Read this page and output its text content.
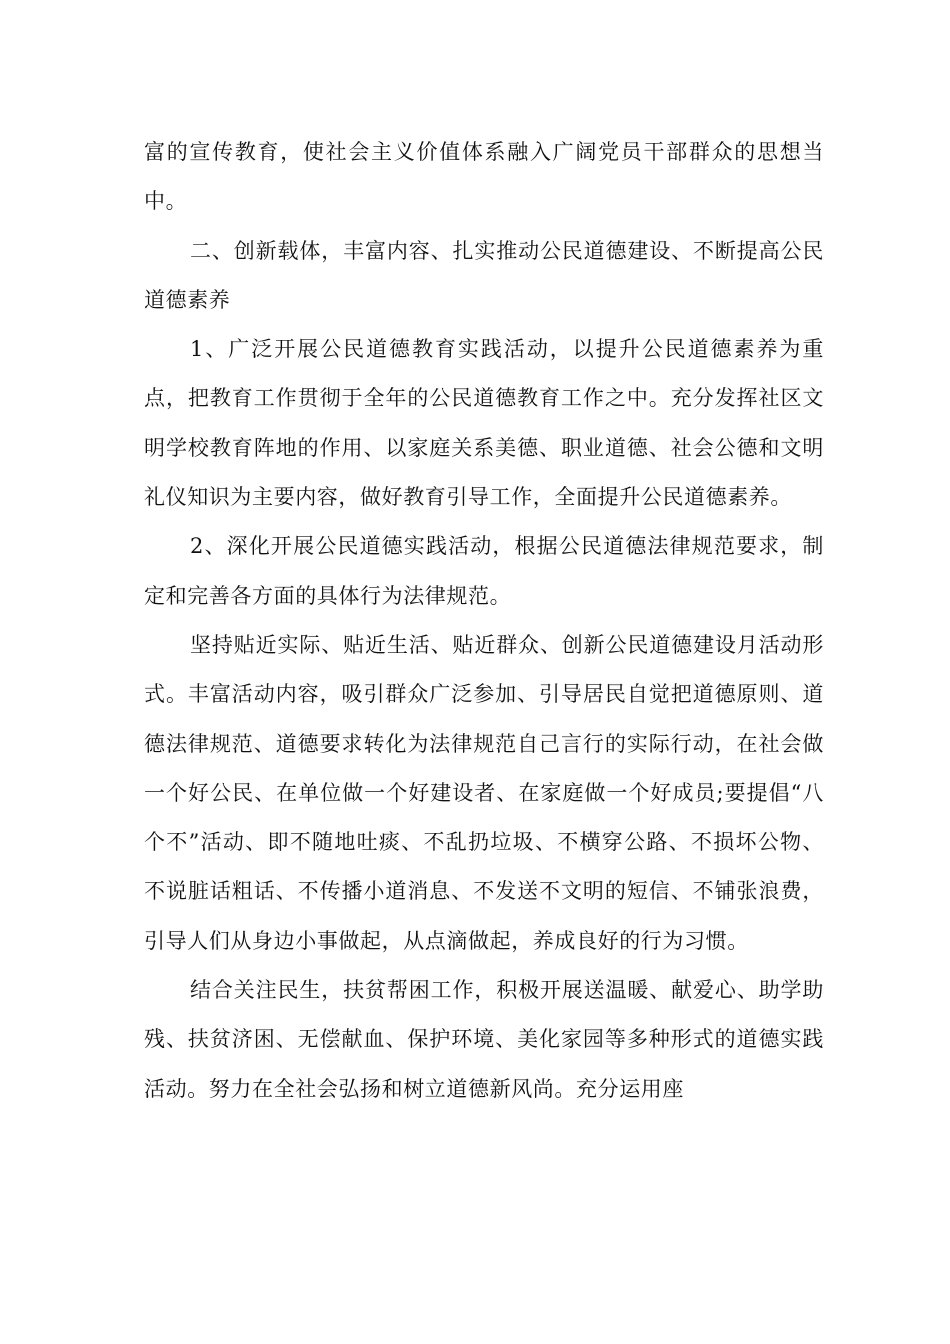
富的宣传教育，使社会主义价值体系融入广阔党员干部群众的思想当中。

二、创新载体，丰富内容、扎实推动公民道德建设、不断提高公民道德素养

1、广泛开展公民道德教育实践活动，以提升公民道德素养为重点，把教育工作贯彻于全年的公民道德教育工作之中。充分发挥社区文明学校教育阵地的作用、以家庭关系美德、职业道德、社会公德和文明礼仪知识为主要内容，做好教育引导工作，全面提升公民道德素养。

2、深化开展公民道德实践活动，根据公民道德法律规范要求，制定和完善各方面的具体行为法律规范。

坚持贴近实际、贴近生活、贴近群众、创新公民道德建设月活动形式。丰富活动内容，吸引群众广泛参加、引导居民自觉把道德原则、道德法律规范、道德要求转化为法律规范自己言行的实际行动，在社会做一个好公民、在单位做一个好建设者、在家庭做一个好成员;要提倡“八个不”活动、即不随地吐痰、不乱扔垃圾、不横穿公路、不损坏公物、不说脏话粗话、不传播小道消息、不发送不文明的短信、不铺张浪费，引导人们从身边小事做起，从点滴做起，养成良好的行为习惯。

结合关注民生，扶贫帮困工作，积极开展送温暖、献爱心、助学助残、扶贫济困、无偿献血、保护环境、美化家园等多种形式的道德实践活动。努力在全社会弘扬和树立道德新风尚。充分运用座
